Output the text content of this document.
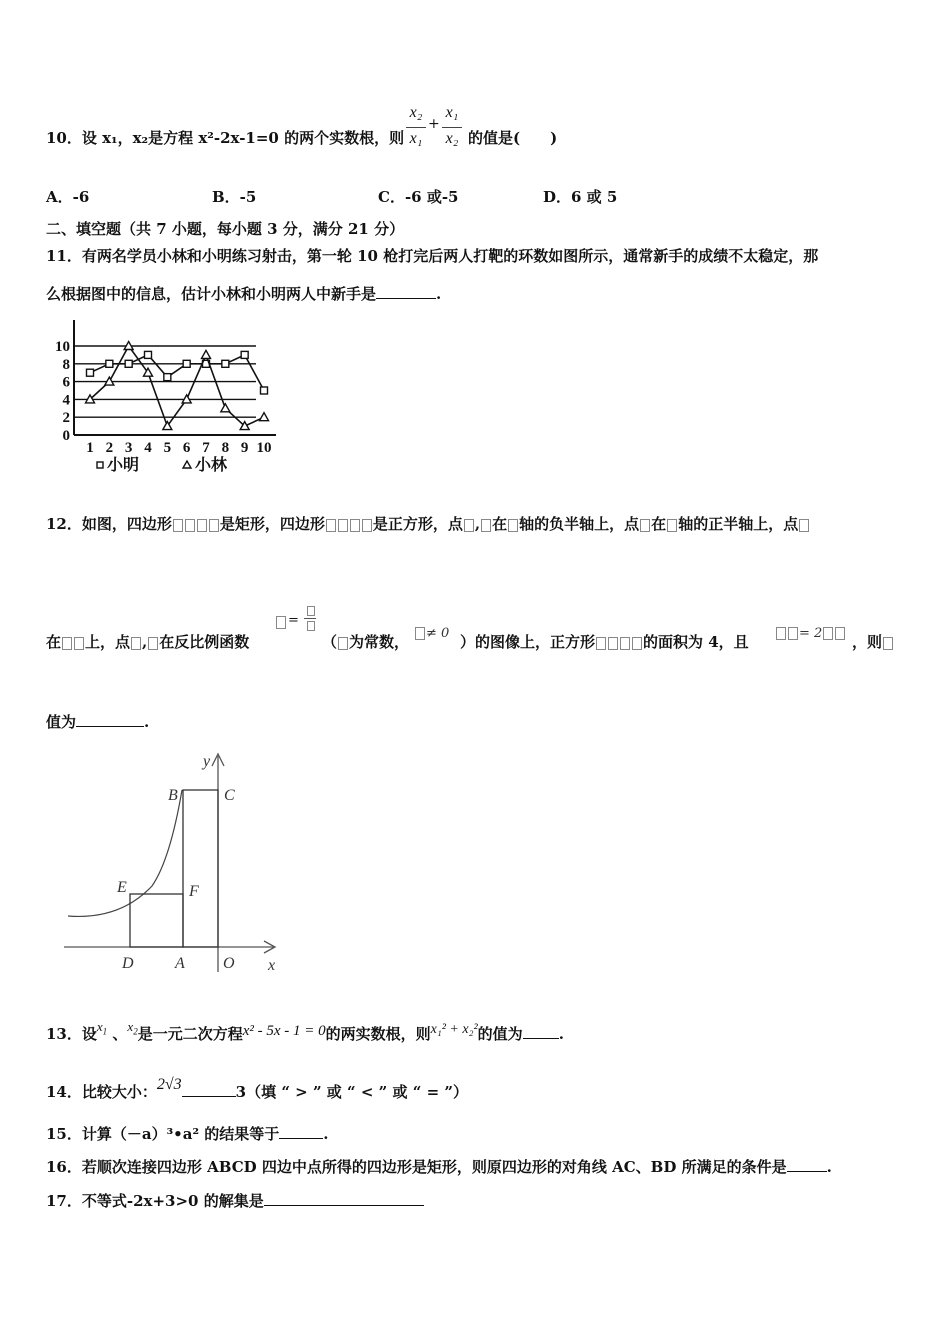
10．设 x₁，x₂是方程 x²-2x-1=0 的两个实数根，则
x₂
x₁
+
x₁
x₂ 的值是(　　)
A．-6	B．-5	C．-6 或-5	D．6 或 5
二、填空题（共 7 小题，每小题 3 分，满分 21 分）
11．有两名学员小林和小明练习射击，第一轮 10 枪打完后两人打靶的环数如图所示，通常新手的成绩不太稳定，那
么根据图中的信息，估计小林和小明两人中新手是	.
0
2
4
6
8
10
1 2 3 4 5 6 7 8 9 10
小明	小林
12．如图，四边形	是矩形，四边形	是正方形，点 , 在 轴的负半轴上，点 在 轴的正半轴上，点
在 上，点 , 在反比例函数
=
（ 为常数，	≠ 0 ）的图像上，正方形	的面积为 4，且	= 2	，则
值为	.
y
x
B	C
E	F
D	A O
13．设$x_1$ 、$x_2$是一元二次方程x² - 5x - 1 = 0的两实数根，则x₁² + x₂²的值为 .
14．比较大小：2√3	3（填 “ > ” 或 “ < ” 或 “ = ”）
15．计算（－a）³•a² 的结果等于	.
16．若顺次连接四边形 ABCD 四边中点所得的四边形是矩形，则原四边形的对角线 AC、BD 所满足的条件是	.
17．不等式-2x+3>0 的解集是
